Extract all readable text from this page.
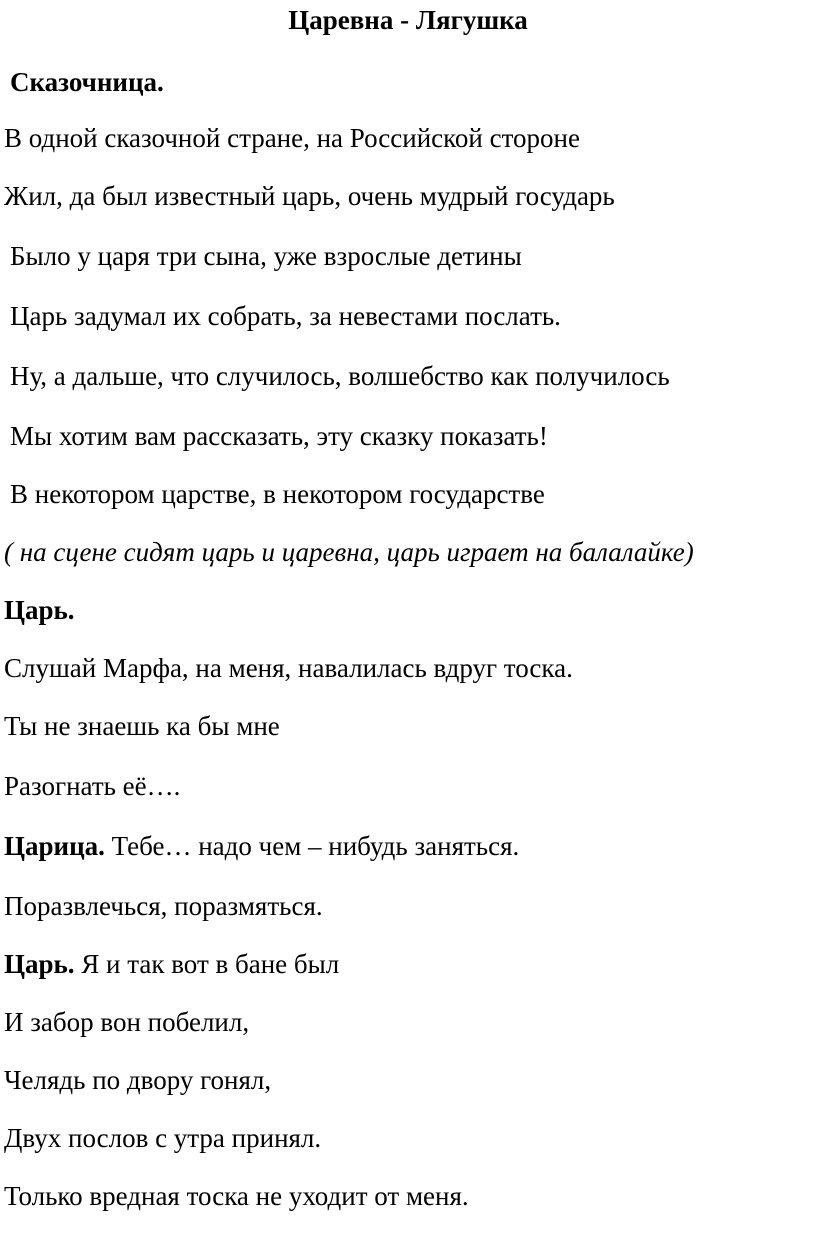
Царевна - Лягушка
Сказочница.
В одной сказочной стране, на Российской стороне
Жил, да был известный царь, очень мудрый государь
Было у царя три сына, уже взрослые детины
Царь задумал их собрать, за невестами послать.
Ну, а дальше, что случилось, волшебство как получилось
Мы хотим вам рассказать, эту сказку показать!
В некотором царстве, в некотором государстве
( на сцене сидят царь и царевна, царь играет на балалайке)
Царь.
Слушай Марфа, на меня, навалилась вдруг тоска.
Ты не знаешь ка бы мне
Разогнать её….
Царица. Тебе… надо чем – нибудь заняться.
Поразвлечься, поразмяться.
Царь. Я и так вот в бане был
И забор вон побелил,
Челядь по двору гонял,
Двух послов с утра принял.
Только вредная тоска не уходит от меня.
